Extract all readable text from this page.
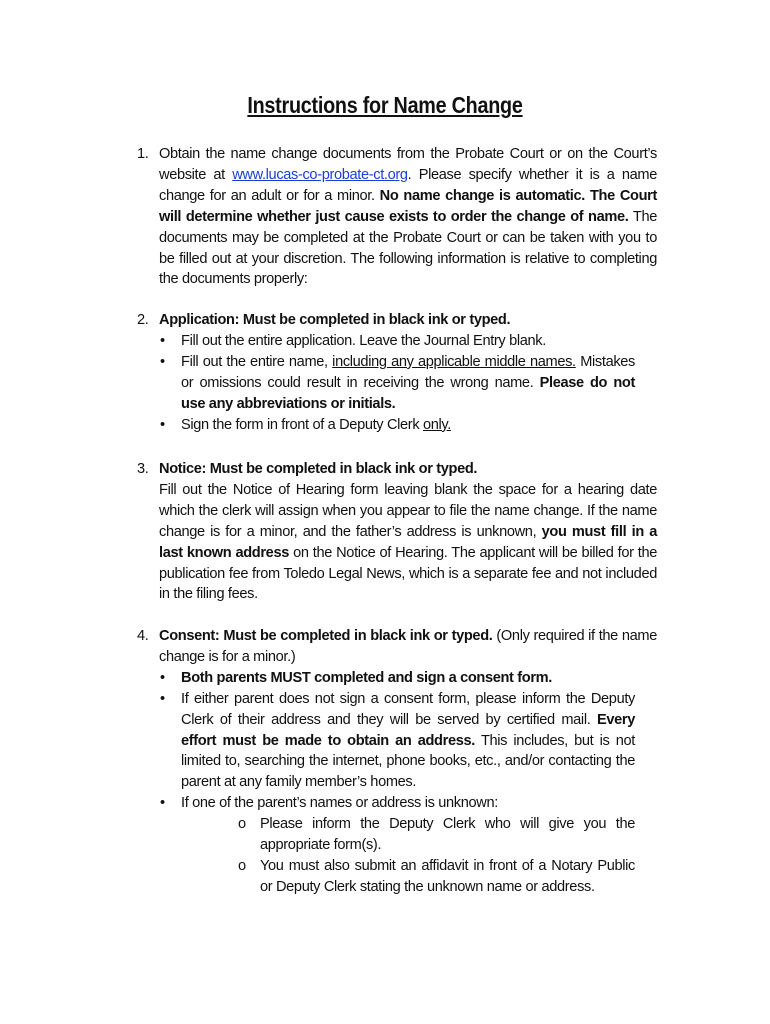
Instructions for Name Change
1. Obtain the name change documents from the Probate Court or on the Court’s website at www.lucas-co-probate-ct.org. Please specify whether it is a name change for an adult or for a minor. No name change is automatic. The Court will determine whether just cause exists to order the change of name. The documents may be completed at the Probate Court or can be taken with you to be filled out at your discretion. The following information is relative to completing the documents properly:
2. Application: Must be completed in black ink or typed.
• Fill out the entire application. Leave the Journal Entry blank.
• Fill out the entire name, including any applicable middle names. Mistakes or omissions could result in receiving the wrong name. Please do not use any abbreviations or initials.
• Sign the form in front of a Deputy Clerk only.
3. Notice: Must be completed in black ink or typed.
Fill out the Notice of Hearing form leaving blank the space for a hearing date which the clerk will assign when you appear to file the name change. If the name change is for a minor, and the father’s address is unknown, you must fill in a last known address on the Notice of Hearing. The applicant will be billed for the publication fee from Toledo Legal News, which is a separate fee and not included in the filing fees.
4. Consent: Must be completed in black ink or typed. (Only required if the name change is for a minor.)
• Both parents MUST completed and sign a consent form.
• If either parent does not sign a consent form, please inform the Deputy Clerk of their address and they will be served by certified mail. Every effort must be made to obtain an address. This includes, but is not limited to, searching the internet, phone books, etc., and/or contacting the parent at any family member’s homes.
• If one of the parent’s names or address is unknown:
o Please inform the Deputy Clerk who will give you the appropriate form(s).
o You must also submit an affidavit in front of a Notary Public or Deputy Clerk stating the unknown name or address.
